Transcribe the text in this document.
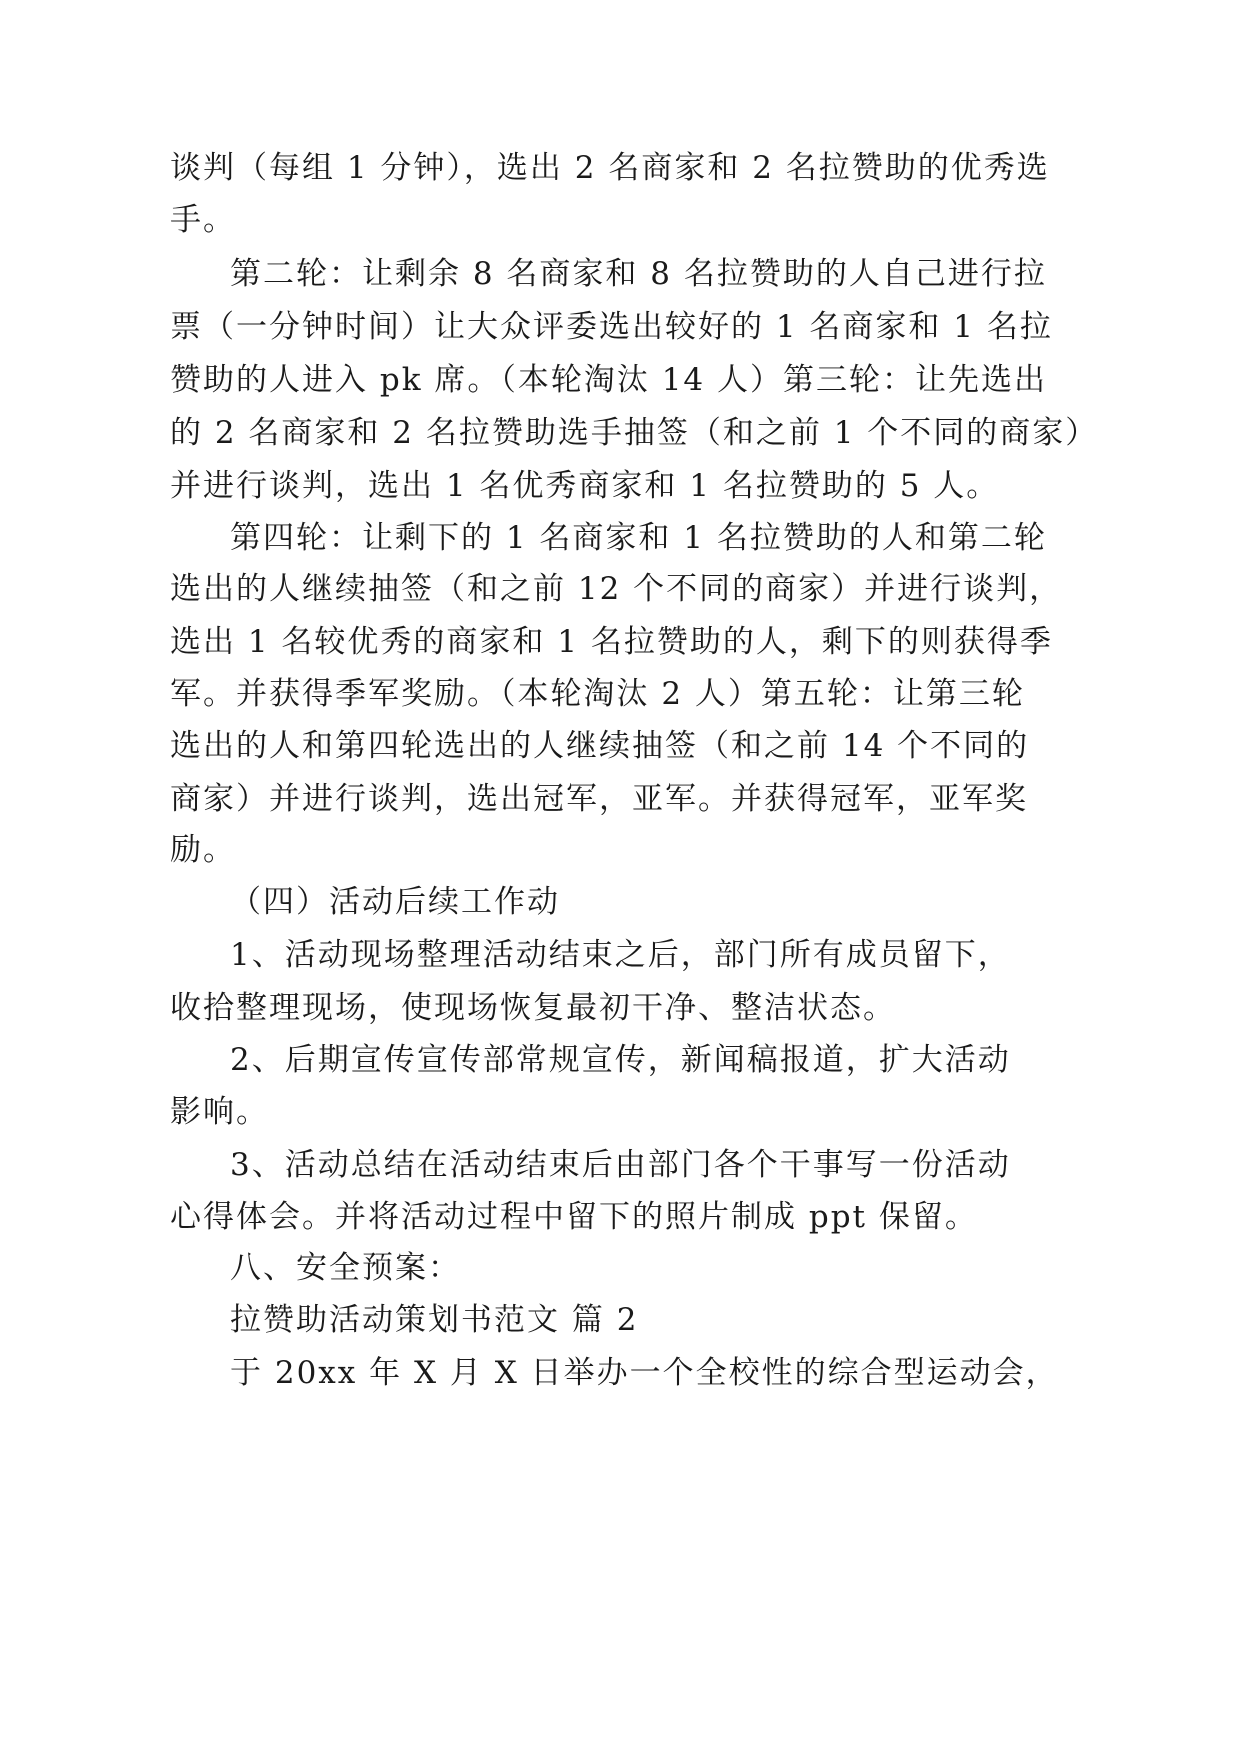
谈判（每组 1 分钟），选出 2 名商家和 2 名拉赞助的优秀选

手。

第二轮：让剩余 8 名商家和 8 名拉赞助的人自己进行拉

票（一分钟时间）让大众评委选出较好的 1 名商家和 1 名拉

赞助的人进入 pk 席。（本轮淘汰 14 人）第三轮：让先选出

的 2 名商家和 2 名拉赞助选手抽签（和之前 1 个不同的商家）

并进行谈判，选出 1 名优秀商家和 1 名拉赞助的 5 人。

第四轮：让剩下的 1 名商家和 1 名拉赞助的人和第二轮

选出的人继续抽签（和之前 12 个不同的商家）并进行谈判，

选出 1 名较优秀的商家和 1 名拉赞助的人，剩下的则获得季

军。并获得季军奖励。（本轮淘汰 2 人）第五轮：让第三轮

选出的人和第四轮选出的人继续抽签（和之前 14 个不同的

商家）并进行谈判，选出冠军，亚军。并获得冠军，亚军奖

励。

（四）活动后续工作动

1、活动现场整理活动结束之后，部门所有成员留下，

收拾整理现场，使现场恢复最初干净、整洁状态。

2、后期宣传宣传部常规宣传，新闻稿报道，扩大活动

影响。

3、活动总结在活动结束后由部门各个干事写一份活动

心得体会。并将活动过程中留下的照片制成 ppt 保留。

八、安全预案：

拉赞助活动策划书范文 篇 2

于 20xx 年 X 月 X 日举办一个全校性的综合型运动会，
